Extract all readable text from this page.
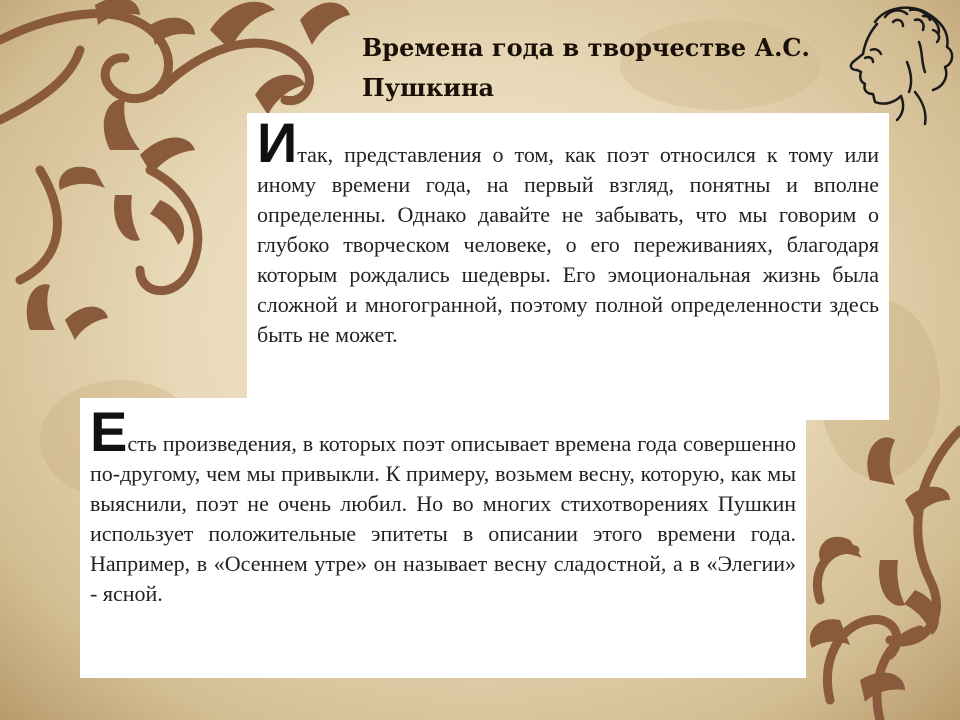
Времена года в творчестве А.С. Пушкина

Итак, представления о том, как поэт относился к тому или иному времени года, на первый взгляд, понятны и вполне определенны. Однако давайте не забывать, что мы говорим о глубоко творческом человеке, о его переживаниях, благодаря которым рождались шедевры. Его эмоциональная жизнь была сложной и многогранной, поэтому полной определенности здесь быть не может.

Есть произведения, в которых поэт описывает времена года совершенно по-другому, чем мы привыкли. К примеру, возьмем весну, которую, как мы выяснили, поэт не очень любил. Но во многих стихотворениях Пушкин использует положительные эпитеты в описании этого времени года. Например, в «Осеннем утре» он называет весну сладостной, а в «Элегии» - ясной.
